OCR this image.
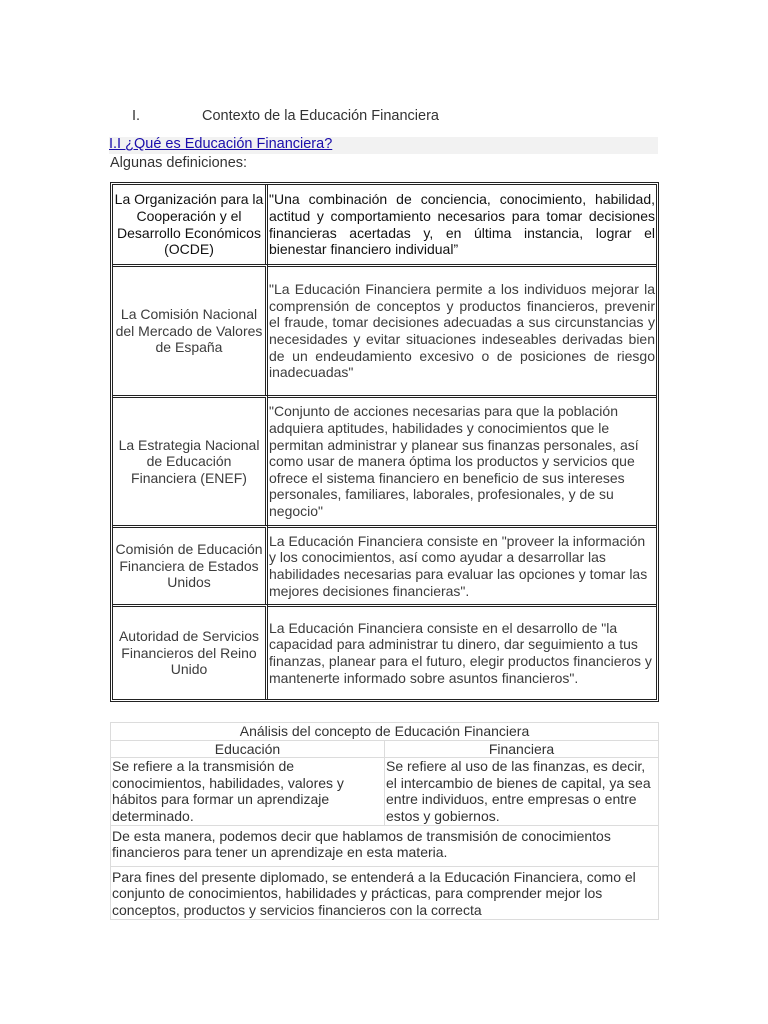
I.	Contexto de la Educación Financiera
I.I ¿Qué es Educación Financiera?
Algunas definiciones:
La Organización para la Cooperación y el Desarrollo Económicos (OCDE)	"Una combinación de conciencia, conocimiento, habilidad, actitud y comportamiento necesarios para tomar decisiones financieras acertadas y, en última instancia, lograr el bienestar financiero individual”
La Comisión Nacional del Mercado de Valores de España	"La Educación Financiera permite a los individuos mejorar la comprensión de conceptos y productos financieros, prevenir el fraude, tomar decisiones adecuadas a sus circunstancias y necesidades y evitar situaciones indeseables derivadas bien de un endeudamiento excesivo o de posiciones de riesgo inadecuadas"
La Estrategia Nacional de Educación Financiera (ENEF)	"Conjunto de acciones necesarias para que la población adquiera aptitudes, habilidades y conocimientos que le permitan administrar y planear sus finanzas personales, así como usar de manera óptima los productos y servicios que ofrece el sistema financiero en beneficio de sus intereses personales, familiares, laborales, profesionales, y de su negocio"
Comisión de Educación Financiera de Estados Unidos	La Educación Financiera consiste en "proveer la información y los conocimientos, así como ayudar a desarrollar las habilidades necesarias para evaluar las opciones y tomar las mejores decisiones financieras".
Autoridad de Servicios Financieros del Reino Unido	La Educación Financiera consiste en el desarrollo de "la capacidad para administrar tu dinero, dar seguimiento a tus finanzas, planear para el futuro, elegir productos financieros y mantenerte informado sobre asuntos financieros".
Análisis del concepto de Educación Financiera	
Educación	Financiera
Se refiere a la transmisión de conocimientos, habilidades, valores y hábitos para formar un aprendizaje determinado.	Se refiere al uso de las finanzas, es decir, el intercambio de bienes de capital, ya sea entre individuos, entre empresas o entre estos y gobiernos.
De esta manera, podemos decir que hablamos de transmisión de conocimientos financieros para tener un aprendizaje en esta materia.	

Para fines del presente diplomado, se entenderá a la Educación Financiera, como el conjunto de conocimientos, habilidades y prácticas, para comprender mejor los conceptos, productos y servicios financieros con la correcta	
